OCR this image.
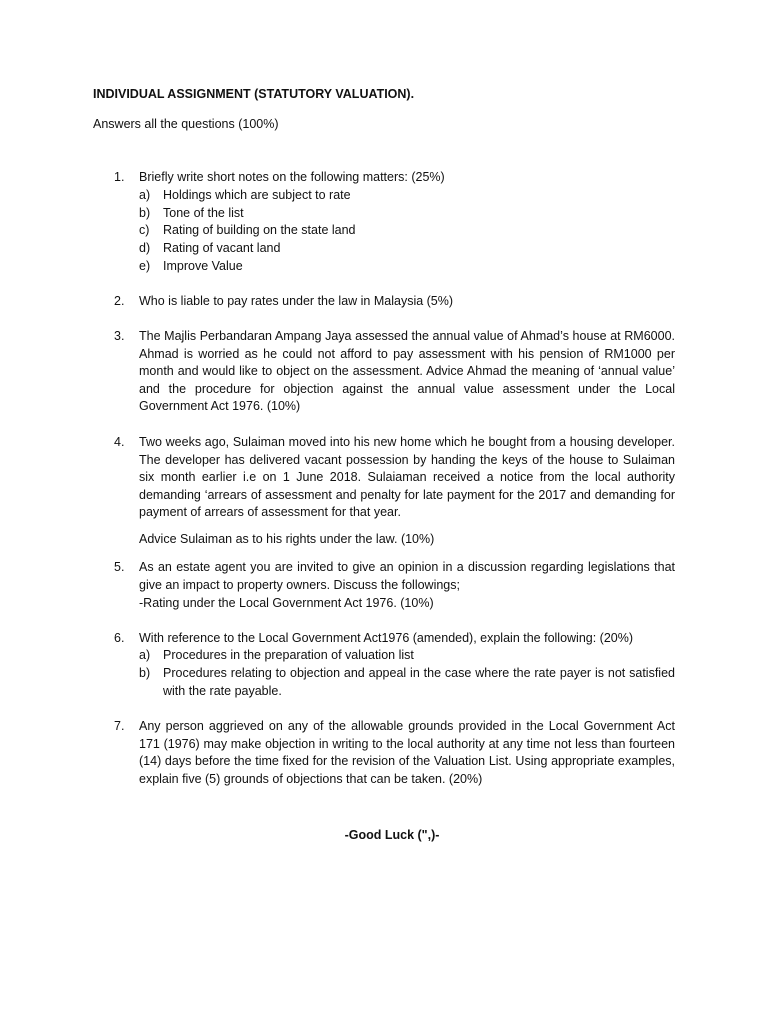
INDIVIDUAL ASSIGNMENT (STATUTORY VALUATION).
Answers all the questions (100%)
1. Briefly write short notes on the following matters: (25%)
a) Holdings which are subject to rate
b) Tone of the list
c) Rating of building on the state land
d) Rating of vacant land
e) Improve Value
2. Who is liable to pay rates under the law in Malaysia (5%)
3. The Majlis Perbandaran Ampang Jaya assessed the annual value of Ahmad’s house at RM6000. Ahmad is worried as he could not afford to pay assessment with his pension of RM1000 per month and would like to object on the assessment. Advice Ahmad the meaning of ‘annual value’ and the procedure for objection against the annual value assessment under the Local Government Act 1976. (10%)
4. Two weeks ago, Sulaiman moved into his new home which he bought from a housing developer. The developer has delivered vacant possession by handing the keys of the house to Sulaiman six month earlier i.e on 1 June 2018. Sulaiaman received a notice from the local authority demanding ‘arrears of assessment and penalty for late payment for the 2017 and demanding for payment of arrears of assessment for that year.
Advice Sulaiman as to his rights under the law. (10%)
5. As an estate agent you are invited to give an opinion in a discussion regarding legislations that give an impact to property owners. Discuss the followings;
-Rating under the Local Government Act 1976. (10%)
6. With reference to the Local Government Act1976 (amended), explain the following: (20%)
a) Procedures in the preparation of valuation list
b) Procedures relating to objection and appeal in the case where the rate payer is not satisfied with the rate payable.
7. Any person aggrieved on any of the allowable grounds provided in the Local Government Act 171 (1976) may make objection in writing to the local authority at any time not less than fourteen (14) days before the time fixed for the revision of the Valuation List. Using appropriate examples, explain five (5) grounds of objections that can be taken. (20%)
-Good Luck (",)-
